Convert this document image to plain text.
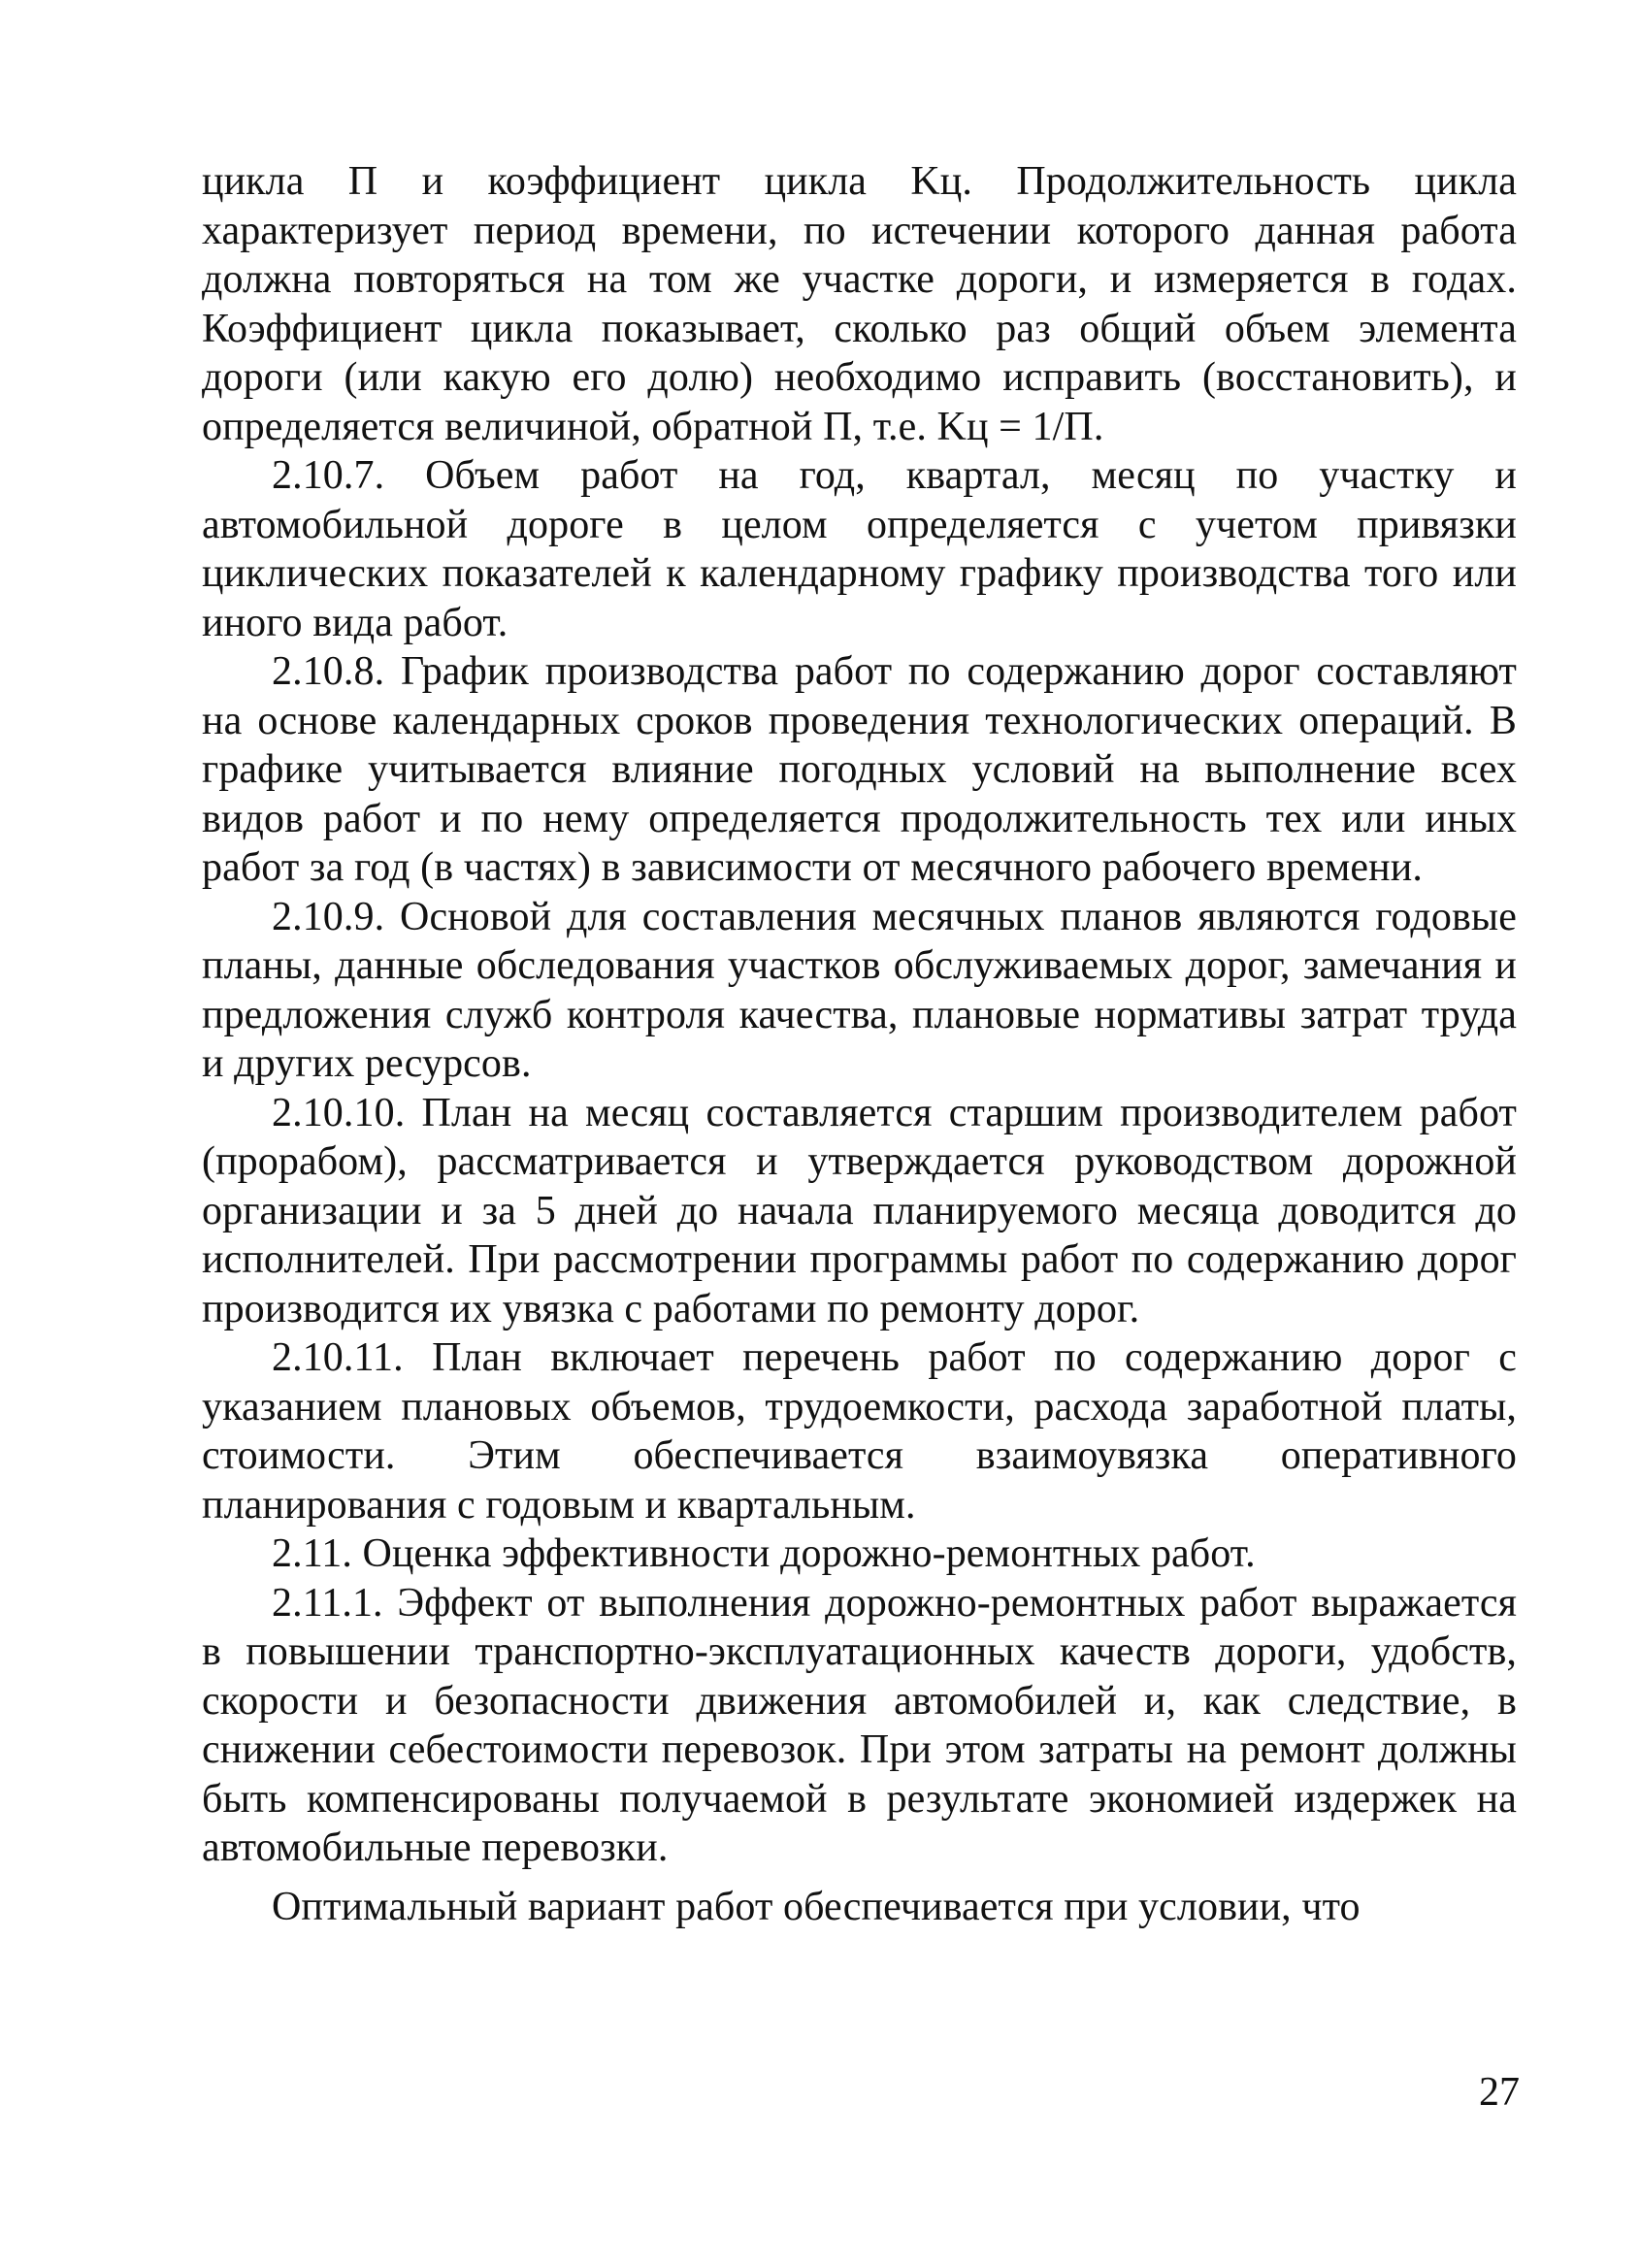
цикла П и коэффициент цикла Kц. Продолжительность цикла характеризует период времени, по истечении которого данная работа должна повторяться на том же участке дороги, и измеряется в годах. Коэффициент цикла показывает, сколько раз общий объем элемента дороги (или какую его долю) необходимо исправить (восстановить), и определяется величиной, обратной П, т.е. Kц = 1/П.

2.10.7. Объем работ на год, квартал, месяц по участку и автомобильной дороге в целом определяется с учетом привязки циклических показателей к календарному графику производства того или иного вида работ.

2.10.8. График производства работ по содержанию дорог составляют на основе календарных сроков проведения технологических операций. В графике учитывается влияние погодных условий на выполнение всех видов работ и по нему определяется продолжительность тех или иных работ за год (в частях) в зависимости от месячного рабочего времени.

2.10.9. Основой для составления месячных планов являются годовые планы, данные обследования участков обслуживаемых дорог, замечания и предложения служб контроля качества, плановые нормативы затрат труда и других ресурсов.

2.10.10. План на месяц составляется старшим производителем работ (прорабом), рассматривается и утверждается руководством дорожной организации и за 5 дней до начала планируемого месяца доводится до исполнителей. При рассмотрении программы работ по содержанию дорог производится их увязка с работами по ремонту дорог.

2.10.11. План включает перечень работ по содержанию дорог с указанием плановых объемов, трудоемкости, расхода заработной платы, стоимости. Этим обеспечивается взаимоувязка оперативного планирования с годовым и квартальным.

2.11. Оценка эффективности дорожно-ремонтных работ.

2.11.1. Эффект от выполнения дорожно-ремонтных работ выражается в повышении транспортно-эксплуатационных качеств дороги, удобств, скорости и безопасности движения автомобилей и, как следствие, в снижении себестоимости перевозок. При этом затраты на ремонт должны быть компенсированы получаемой в результате экономией издержек на автомобильные перевозки.

Оптимальный вариант работ обеспечивается при условии, что

27
